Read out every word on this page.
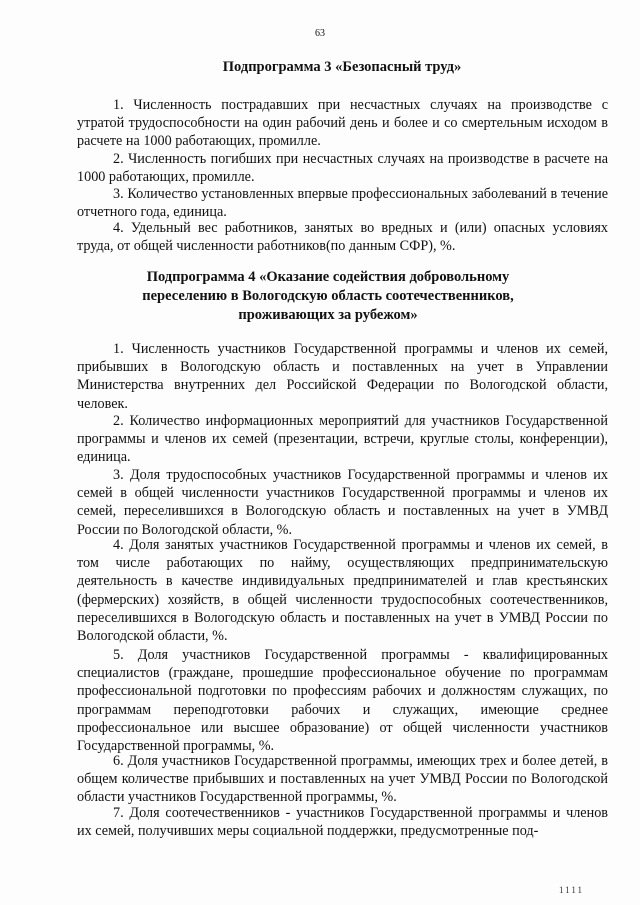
63
Подпрограмма 3 «Безопасный труд»

1. Численность пострадавших при несчастных случаях на производстве с утратой трудоспособности на один рабочий день и более и со смертельным исходом в расчете на 1000 работающих, промилле.

2. Численность погибших при несчастных случаях на производстве в расчете на 1000 работающих, промилле.

3. Количество установленных впервые профессиональных заболеваний в течение отчетного года, единица.

4. Удельный вес работников, занятых во вредных и (или) опасных условиях труда, от общей численности работников(по данным СФР), %.

Подпрограмма 4 «Оказание содействия добровольному
переселению в Вологодскую область соотечественников,
проживающих за рубежом»

1. Численность участников Государственной программы и членов их семей, прибывших в Вологодскую область и поставленных на учет в Управлении Министерства внутренних дел Российской Федерации по Вологодской области, человек.

2. Количество информационных мероприятий для участников Государственной программы и членов их семей (презентации, встречи, круглые столы, конференции), единица.

3. Доля трудоспособных участников Государственной программы и членов их семей в общей численности участников Государственной программы и членов их семей, переселившихся в Вологодскую область и поставленных на учет в УМВД России по Вологодской области, %.

4. Доля занятых участников Государственной программы и членов их семей, в том числе работающих по найму, осуществляющих предпринимательскую деятельность в качестве индивидуальных предпринимателей и глав крестьянских (фермерских) хозяйств, в общей численности трудоспособных соотечественников, переселившихся в Вологодскую область и поставленных на учет в УМВД России по Вологодской области, %.

5. Доля участников Государственной программы - квалифицированных специалистов (граждане, прошедшие профессиональное обучение по программам профессиональной подготовки по профессиям рабочих и должностям служащих, по программам переподготовки рабочих и служащих, имеющие среднее профессиональное или высшее образование) от общей численности участников Государственной программы, %.

6. Доля участников Государственной программы, имеющих трех и более детей, в общем количестве прибывших и поставленных на учет УМВД России по Вологодской области участников Государственной программы, %.

7. Доля соотечественников - участников Государственной программы и членов их семей, получивших меры социальной поддержки, предусмотренные под-

1111
